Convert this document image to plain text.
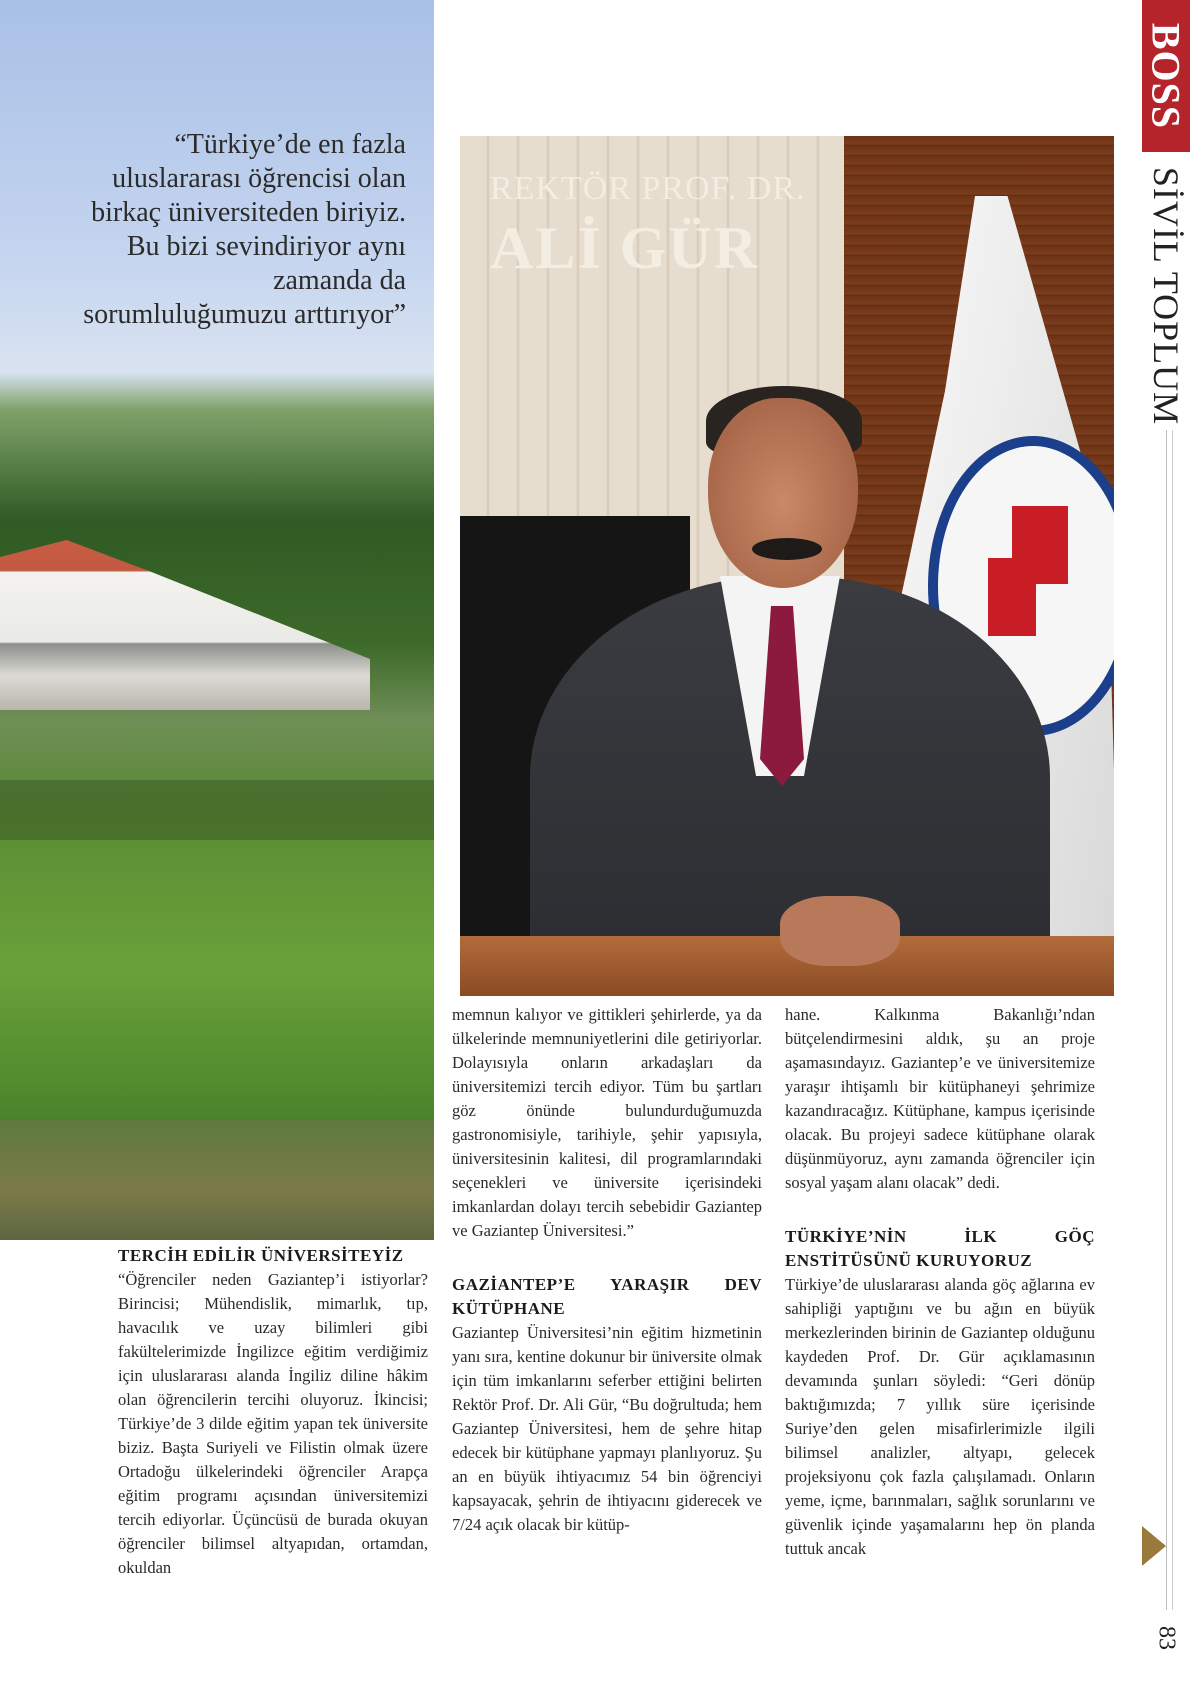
“Türkiye’de en fazla uluslararası öğrencisi olan birkaç üniversiteden biriyiz. Bu bizi sevindiriyor aynı zamanda da sorumluluğumuzu arttırıyor”
REKTÖR PROF. DR.
ALİ GÜR
BOSS
SİVİL TOPLUM
83
TERCİH EDİLİR ÜNİVERSİTEYİZ

“Öğrenciler neden Gaziantep’i istiyorlar? Birincisi; Mühendislik, mimarlık, tıp, havacılık ve uzay bilimleri gibi fakültelerimizde İngilizce eğitim verdiğimiz için uluslararası alanda İngiliz diline hâkim olan öğrencilerin tercihi oluyoruz. İkincisi; Türkiye’de 3 dilde eğitim yapan tek üniversite biziz. Başta Suriyeli ve Filistin olmak üzere Ortadoğu ülkelerindeki öğrenciler Arapça eğitim programı açısından üniversitemizi tercih ediyorlar. Üçüncüsü de burada okuyan öğrenciler bilimsel altyapıdan, ortamdan, okuldan

memnun kalıyor ve gittikleri şehirlerde, ya da ülkelerinde memnuniyetlerini dile getiriyorlar. Dolayısıyla onların arkadaşları da üniversitemizi tercih ediyor. Tüm bu şartları göz önünde bulundurduğumuzda gastronomisiyle, tarihiyle, şehir yapısıyla, üniversitesinin kalitesi, dil programlarındaki seçenekleri ve üniversite içerisindeki imkanlardan dolayı tercih sebebidir Gaziantep ve Gaziantep Üniversitesi.”

GAZİANTEP’E YARAŞIR DEV KÜTÜPHANE

Gaziantep Üniversitesi’nin eğitim hizmetinin yanı sıra, kentine dokunur bir üniversite olmak için tüm imkanlarını seferber ettiğini belirten Rektör Prof. Dr. Ali Gür, “Bu doğrultuda; hem Gaziantep Üniversitesi, hem de şehre hitap edecek bir kütüphane yapmayı planlıyoruz. Şu an en büyük ihtiyacımız 54 bin öğrenciyi kapsayacak, şehrin de ihtiyacını giderecek ve 7/24 açık olacak bir kütüp-

hane. Kalkınma Bakanlığı’ndan bütçelendirmesini aldık, şu an proje aşamasındayız. Gaziantep’e ve üniversitemize yaraşır ihtişamlı bir kütüphaneyi şehrimize kazandıracağız. Kütüphane, kampus içerisinde olacak. Bu projeyi sadece kütüphane olarak düşünmüyoruz, aynı zamanda öğrenciler için sosyal yaşam alanı olacak” dedi.

TÜRKİYE’NİN İLK GÖÇ ENSTİTÜSÜNÜ KURUYORUZ

Türkiye’de uluslararası alanda göç ağlarına ev sahipliği yaptığını ve bu ağın en büyük merkezlerinden birinin de Gaziantep olduğunu kaydeden Prof. Dr. Gür açıklamasının devamında şunları söyledi: “Geri dönüp baktığımızda; 7 yıllık süre içerisinde Suriye’den gelen misafirlerimizle ilgili bilimsel analizler, altyapı, gelecek projeksiyonu çok fazla çalışılamadı. Onların yeme, içme, barınmaları, sağlık sorunlarını ve güvenlik içinde yaşamalarını hep ön planda tuttuk ancak
